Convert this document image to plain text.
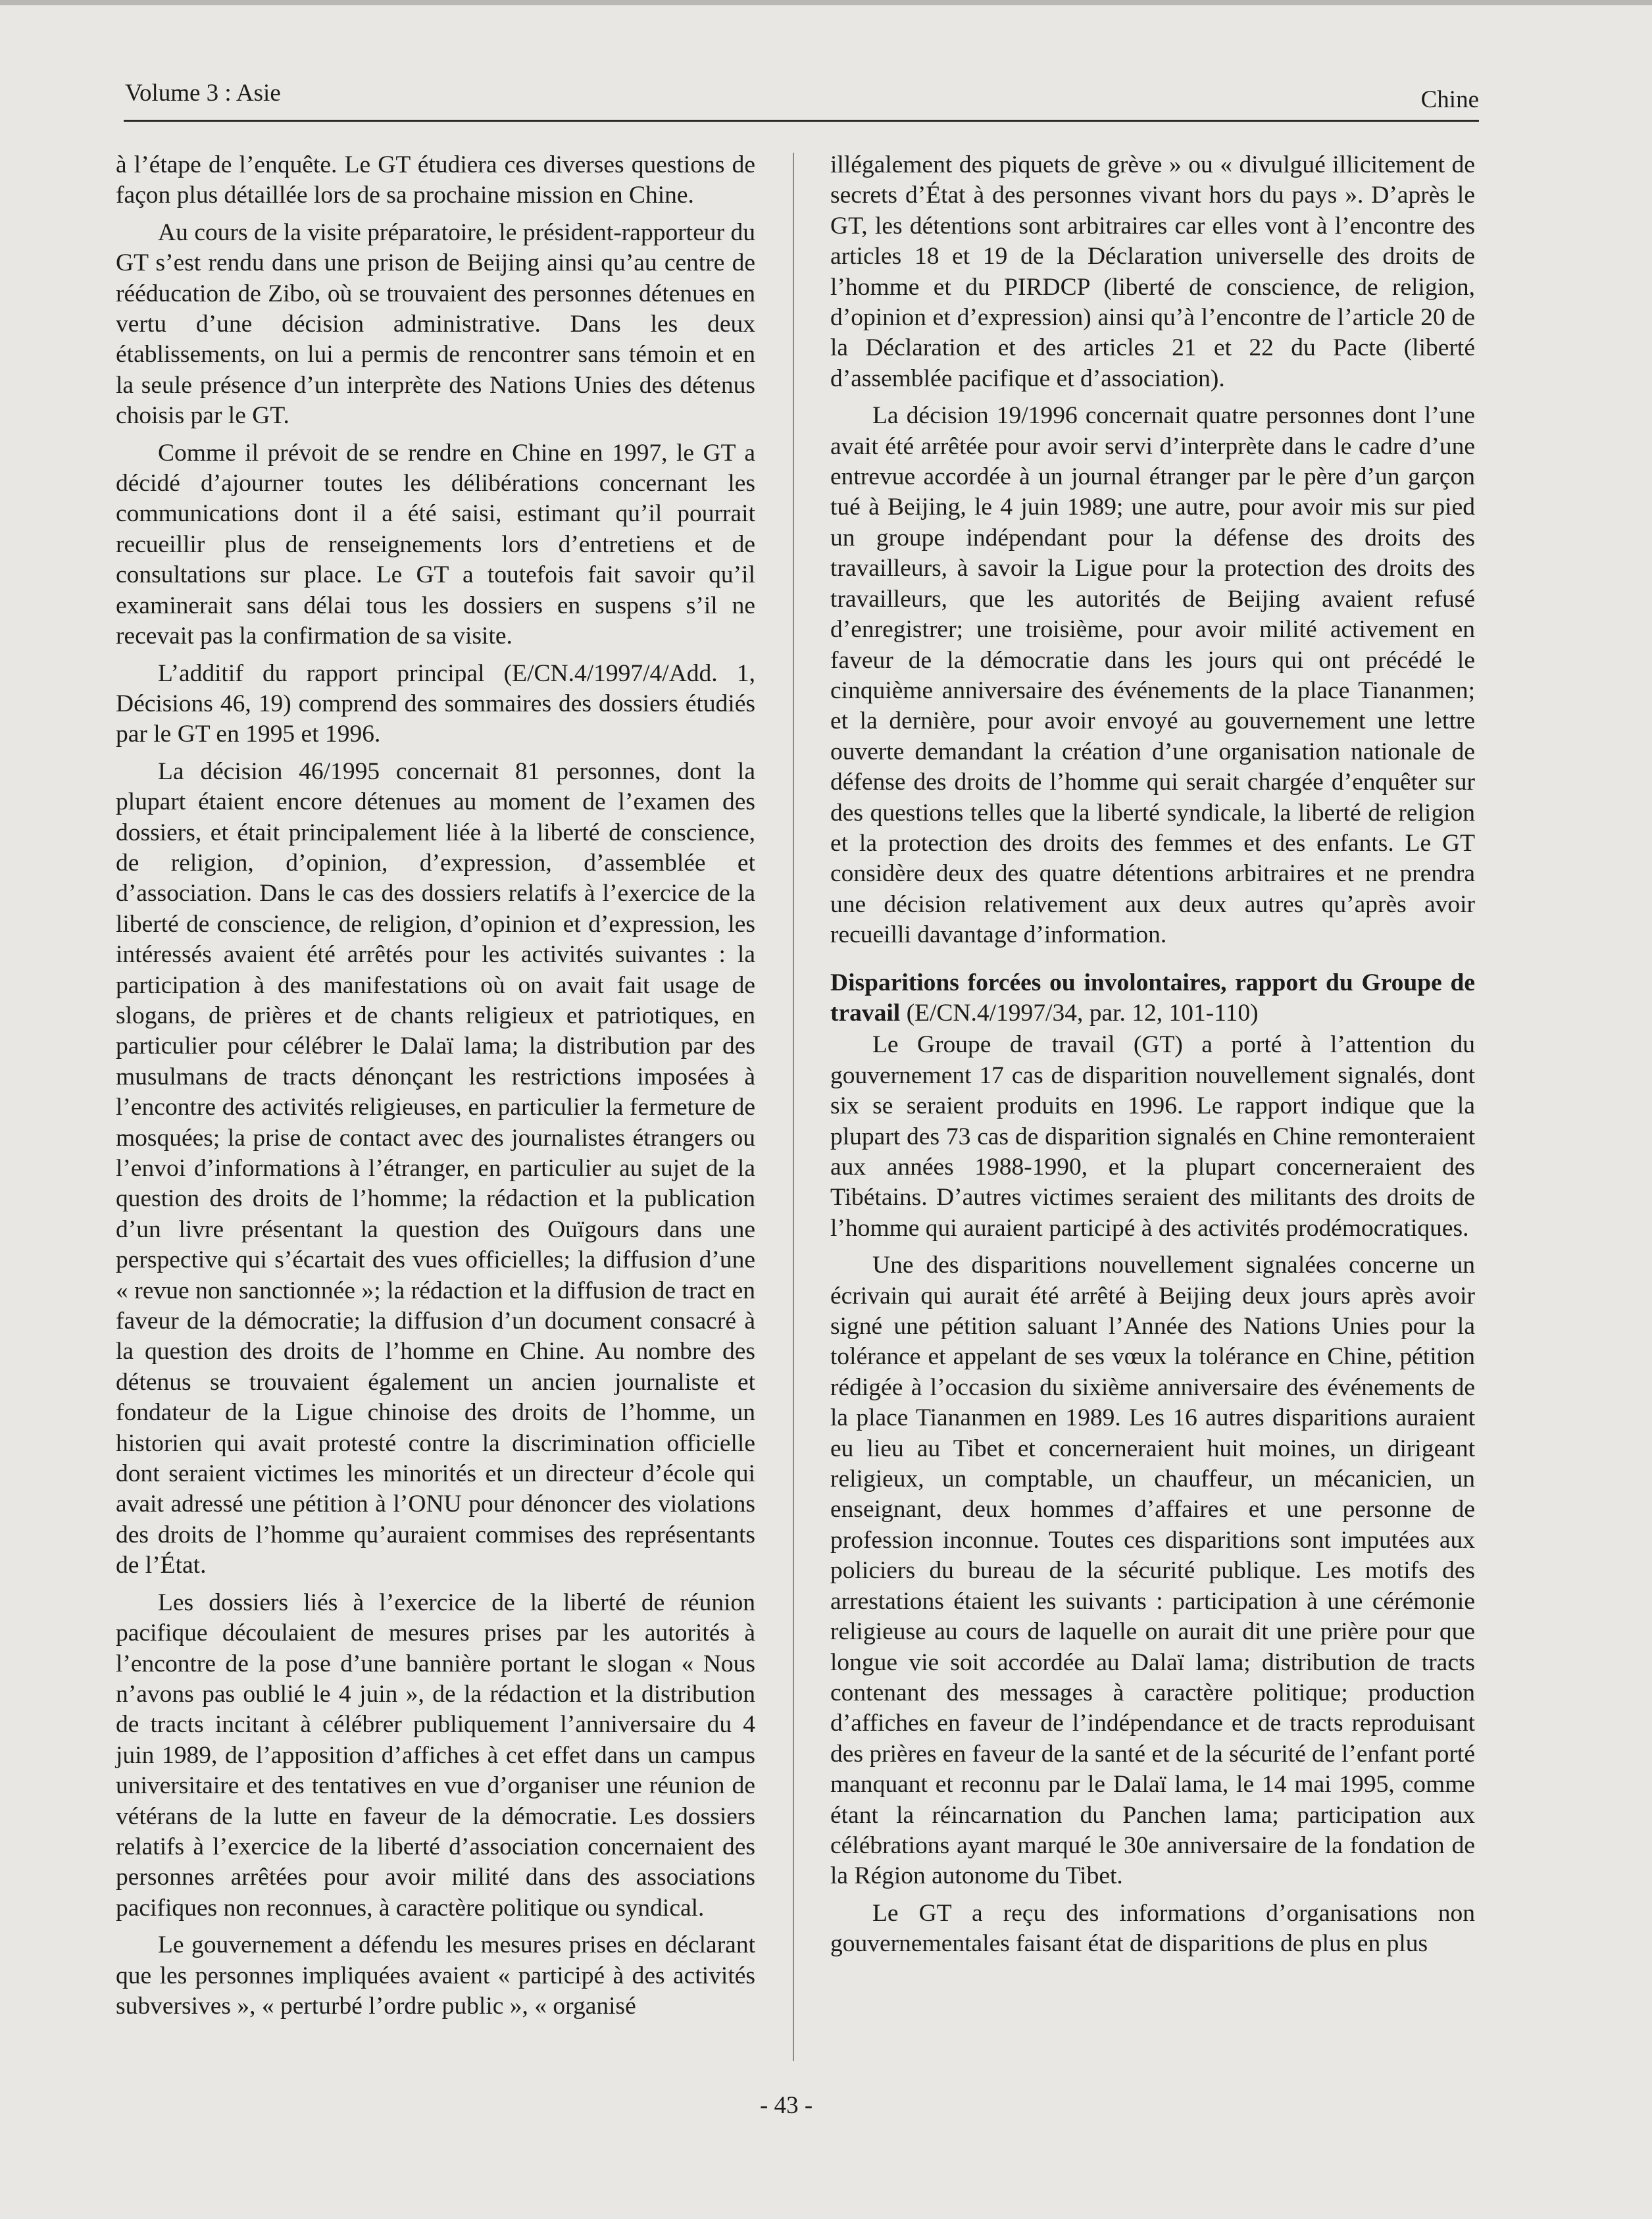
Volume 3 : Asie	Chine

à l’étape de l’enquête. Le GT étudiera ces diverses questions de façon plus détaillée lors de sa prochaine mission en Chine.

Au cours de la visite préparatoire, le président-rapporteur du GT s’est rendu dans une prison de Beijing ainsi qu’au centre de rééducation de Zibo, où se trouvaient des personnes détenues en vertu d’une décision administrative. Dans les deux établissements, on lui a permis de rencontrer sans témoin et en la seule présence d’un interprète des Nations Unies des détenus choisis par le GT.

Comme il prévoit de se rendre en Chine en 1997, le GT a décidé d’ajourner toutes les délibérations concernant les communications dont il a été saisi, estimant qu’il pourrait recueillir plus de renseignements lors d’entretiens et de consultations sur place. Le GT a toutefois fait savoir qu’il examinerait sans délai tous les dossiers en suspens s’il ne recevait pas la confirmation de sa visite.

L’additif du rapport principal (E/CN.4/1997/4/Add. 1, Décisions 46, 19) comprend des sommaires des dossiers étudiés par le GT en 1995 et 1996.

La décision 46/1995 concernait 81 personnes, dont la plupart étaient encore détenues au moment de l’examen des dossiers, et était principalement liée à la liberté de conscience, de religion, d’opinion, d’expression, d’assemblée et d’association. Dans le cas des dossiers relatifs à l’exercice de la liberté de conscience, de religion, d’opinion et d’expression, les intéressés avaient été arrêtés pour les activités suivantes : la participation à des manifestations où on avait fait usage de slogans, de prières et de chants religieux et patriotiques, en particulier pour célébrer le Dalaï lama; la distribution par des musulmans de tracts dénonçant les restrictions imposées à l’encontre des activités religieuses, en particulier la fermeture de mosquées; la prise de contact avec des journalistes étrangers ou l’envoi d’informations à l’étranger, en particulier au sujet de la question des droits de l’homme; la rédaction et la publication d’un livre présentant la question des Ouïgours dans une perspective qui s’écartait des vues officielles; la diffusion d’une « revue non sanctionnée »; la rédaction et la diffusion de tract en faveur de la démocratie; la diffusion d’un document consacré à la question des droits de l’homme en Chine. Au nombre des détenus se trouvaient également un ancien journaliste et fondateur de la Ligue chinoise des droits de l’homme, un historien qui avait protesté contre la discrimination officielle dont seraient victimes les minorités et un directeur d’école qui avait adressé une pétition à l’ONU pour dénoncer des violations des droits de l’homme qu’auraient commises des représentants de l’État.

Les dossiers liés à l’exercice de la liberté de réunion pacifique découlaient de mesures prises par les autorités à l’encontre de la pose d’une bannière portant le slogan « Nous n’avons pas oublié le 4 juin », de la rédaction et la distribution de tracts incitant à célébrer publiquement l’anniversaire du 4 juin 1989, de l’apposition d’affiches à cet effet dans un campus universitaire et des tentatives en vue d’organiser une réunion de vétérans de la lutte en faveur de la démocratie. Les dossiers relatifs à l’exercice de la liberté d’association concernaient des personnes arrêtées pour avoir milité dans des associations pacifiques non reconnues, à caractère politique ou syndical.

Le gouvernement a défendu les mesures prises en déclarant que les personnes impliquées avaient « participé à des activités subversives », « perturbé l’ordre public », « organisé

illégalement des piquets de grève » ou « divulgué illicitement de secrets d’État à des personnes vivant hors du pays ». D’après le GT, les détentions sont arbitraires car elles vont à l’encontre des articles 18 et 19 de la Déclaration universelle des droits de l’homme et du PIRDCP (liberté de conscience, de religion, d’opinion et d’expression) ainsi qu’à l’encontre de l’article 20 de la Déclaration et des articles 21 et 22 du Pacte (liberté d’assemblée pacifique et d’association).

La décision 19/1996 concernait quatre personnes dont l’une avait été arrêtée pour avoir servi d’interprète dans le cadre d’une entrevue accordée à un journal étranger par le père d’un garçon tué à Beijing, le 4 juin 1989; une autre, pour avoir mis sur pied un groupe indépendant pour la défense des droits des travailleurs, à savoir la Ligue pour la protection des droits des travailleurs, que les autorités de Beijing avaient refusé d’enregistrer; une troisième, pour avoir milité activement en faveur de la démocratie dans les jours qui ont précédé le cinquième anniversaire des événements de la place Tiananmen; et la dernière, pour avoir envoyé au gouvernement une lettre ouverte demandant la création d’une organisation nationale de défense des droits de l’homme qui serait chargée d’enquêter sur des questions telles que la liberté syndicale, la liberté de religion et la protection des droits des femmes et des enfants. Le GT considère deux des quatre détentions arbitraires et ne prendra une décision relativement aux deux autres qu’après avoir recueilli davantage d’information.

Disparitions forcées ou involontaires, rapport du Groupe de travail (E/CN.4/1997/34, par. 12, 101-110)

Le Groupe de travail (GT) a porté à l’attention du gouvernement 17 cas de disparition nouvellement signalés, dont six se seraient produits en 1996. Le rapport indique que la plupart des 73 cas de disparition signalés en Chine remonteraient aux années 1988-1990, et la plupart concerneraient des Tibétains. D’autres victimes seraient des militants des droits de l’homme qui auraient participé à des activités prodémocratiques.

Une des disparitions nouvellement signalées concerne un écrivain qui aurait été arrêté à Beijing deux jours après avoir signé une pétition saluant l’Année des Nations Unies pour la tolérance et appelant de ses vœux la tolérance en Chine, pétition rédigée à l’occasion du sixième anniversaire des événements de la place Tiananmen en 1989. Les 16 autres disparitions auraient eu lieu au Tibet et concerneraient huit moines, un dirigeant religieux, un comptable, un chauffeur, un mécanicien, un enseignant, deux hommes d’affaires et une personne de profession inconnue. Toutes ces disparitions sont imputées aux policiers du bureau de la sécurité publique. Les motifs des arrestations étaient les suivants : participation à une cérémonie religieuse au cours de laquelle on aurait dit une prière pour que longue vie soit accordée au Dalaï lama; distribution de tracts contenant des messages à caractère politique; production d’affiches en faveur de l’indépendance et de tracts reproduisant des prières en faveur de la santé et de la sécurité de l’enfant porté manquant et reconnu par le Dalaï lama, le 14 mai 1995, comme étant la réincarnation du Panchen lama; participation aux célébrations ayant marqué le 30e anniversaire de la fondation de la Région autonome du Tibet.

Le GT a reçu des informations d’organisations non gouvernementales faisant état de disparitions de plus en plus

- 43 -
